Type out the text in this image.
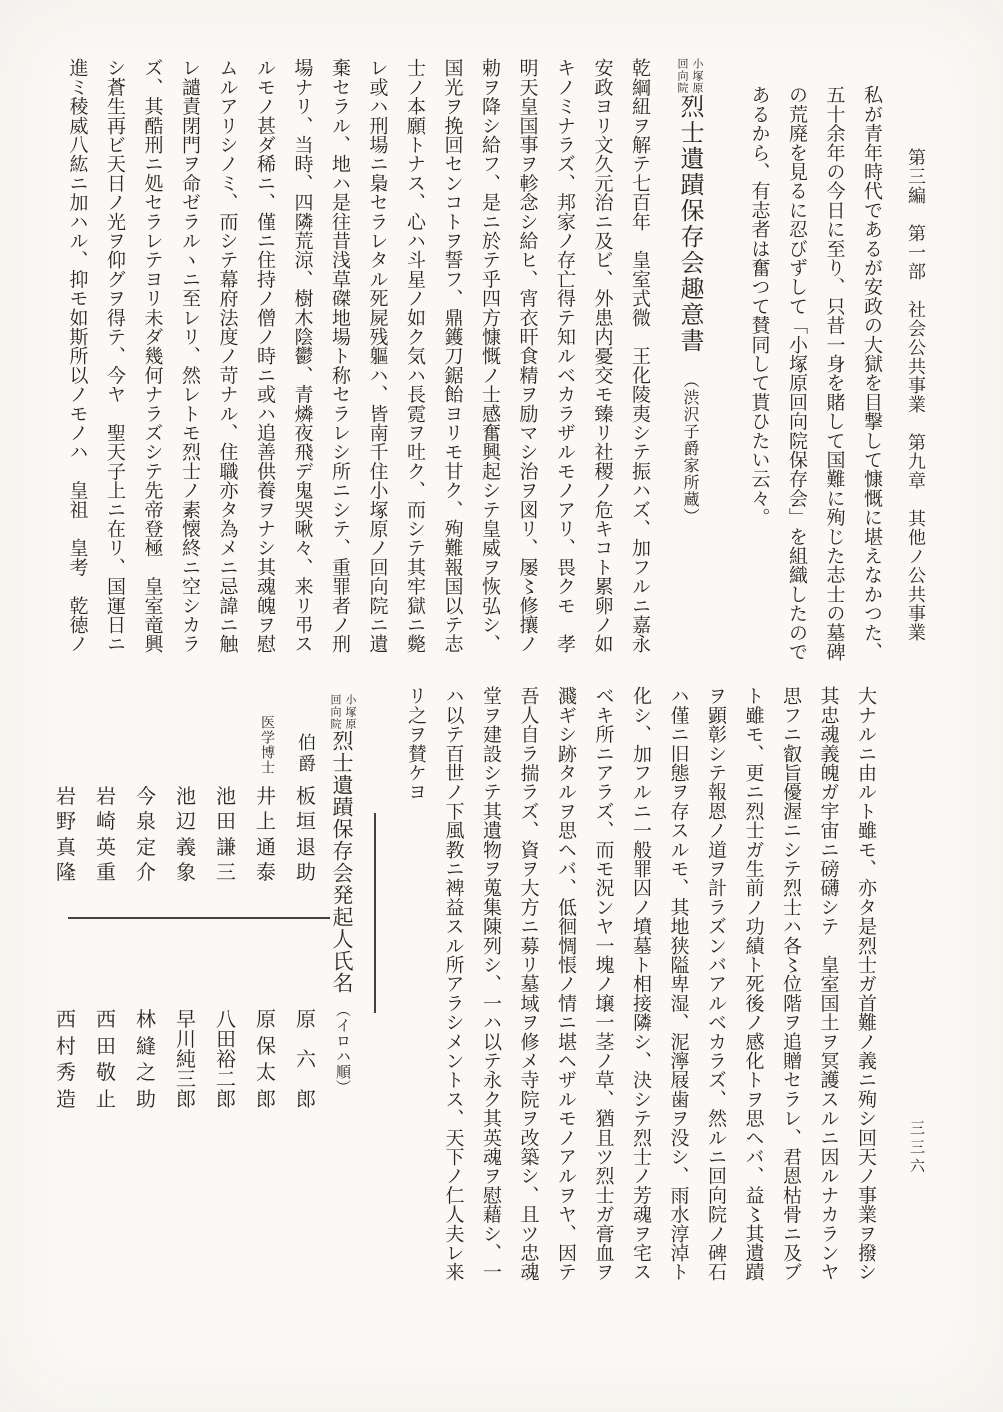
第三編　第一部　社会公共事業　第九章　其他ノ公共事業
三三六

私が青年時代であるが安政の大獄を目撃して慷慨に堪えなかつた、

五十余年の今日に至り、只昔一身を賭して国難に殉じた志士の墓碑

の荒廃を見るに忍びずして「小塚原回向院保存会」を組織したので

あるから、有志者は奮つて賛同して貰ひたい云々。

小塚原
回向院
烈士遺蹟保存会趣意書（渋沢子爵家所蔵）

乾綱紐ヲ解テ七百年　皇室式微　王化陵夷シテ振ハズ、加フルニ嘉永

安政ヨリ文久元治ニ及ビ、外患内憂交モ臻リ社稷ノ危キコト累卵ノ如

キノミナラズ、邦家ノ存亡得テ知ルベカラザルモノアリ、畏クモ　孝

明天皇国事ヲ軫念シ給ヒ、宵衣旰食精ヲ励マシ治ヲ図リ、屡〻修攘ノ

勅ヲ降シ給フ、是ニ於テ乎四方慷慨ノ士感奮興起シテ皇威ヲ恢弘シ、

国光ヲ挽回センコトヲ誓フ、鼎鑊刀鋸飴ヨリモ甘ク、殉難報国以テ志

士ノ本願トナス、心ハ斗星ノ如ク気ハ長霓ヲ吐ク、而シテ其牢獄ニ斃

レ或ハ刑場ニ梟セラレタル死屍残軀ハ、皆南千住小塚原ノ回向院ニ遺

棄セラル、地ハ是往昔浅草磔地場ト称セラレシ所ニシテ、重罪者ノ刑

場ナリ、当時、四隣荒涼、樹木陰鬱、青燐夜飛デ鬼哭啾々、来リ弔ス

ルモノ甚ダ稀ニ、僅ニ住持ノ僧ノ時ニ或ハ追善供養ヲナシ其魂魄ヲ慰

ムルアリシノミ、而シテ幕府法度ノ苛ナル、住職亦タ為メニ忌諱ニ触

レ譴責閉門ヲ命ゼラルヽニ至レリ、然レトモ烈士ノ素懐終ニ空シカラ

ズ、其酷刑ニ処セラレテヨリ未ダ幾何ナラズシテ先帝登極　皇室竜興

シ蒼生再ビ天日ノ光ヲ仰グヲ得テ、今ヤ　聖天子上ニ在リ、国運日ニ

進ミ稜威八紘ニ加ハル、抑モ如斯所以ノモノハ　皇祖　皇考　乾徳ノ

大ナルニ由ルト雖モ、亦タ是烈士ガ首難ノ義ニ殉シ回天ノ事業ヲ撥シ

其忠魂義魄ガ宇宙ニ磅礴シテ　皇室国土ヲ冥護スルニ因ルナカランヤ

思フニ叡旨優渥ニシテ烈士ハ各〻位階ヲ追贈セラレ、君恩枯骨ニ及ブ

ト雖モ、更ニ烈士ガ生前ノ功績ト死後ノ感化トヲ思ヘバ、益〻其遺蹟

ヲ顕彰シテ報恩ノ道ヲ計ラズンバアルベカラズ、然ルニ回向院ノ碑石

ハ僅ニ旧態ヲ存スルモ、其地狭隘卑湿、泥濘屐歯ヲ没シ、雨水淳淖ト

化シ、加フルニ一般罪囚ノ墳墓ト相接隣シ、決シテ烈士ノ芳魂ヲ宅ス

ベキ所ニアラズ、而モ況ンヤ一塊ノ壌一茎ノ草、猶且ツ烈士ガ膏血ヲ

濺ギシ跡タルヲ思ヘバ、低徊惆悵ノ情ニ堪ヘザルモノアルヲヤ、因テ

吾人自ラ揣ラズ、資ヲ大方ニ募リ墓域ヲ修メ寺院ヲ改築シ、且ツ忠魂

堂ヲ建設シテ其遺物ヲ蒐集陳列シ、一ハ以テ永ク其英魂ヲ慰藉シ、一

ハ以テ百世ノ下風教ニ裨益スル所アラシメントス、天下ノ仁人夫レ来

リ之ヲ賛ケヨ

小塚原
回向院
烈士遺蹟保存会発起人氏名（イロハ順）
伯爵
板
垣
退
助
医学博士
井
上
通
泰
池
田
謙
三
池
辺
義
象
今
泉
定
介
岩
崎
英
重
岩
野
真
隆
原
六
郎
原
保
太
郎
八
田
裕
二
郎
早
川
純
三
郎
林
縫
之
助
西
田
敬
止
西
村
秀
造
